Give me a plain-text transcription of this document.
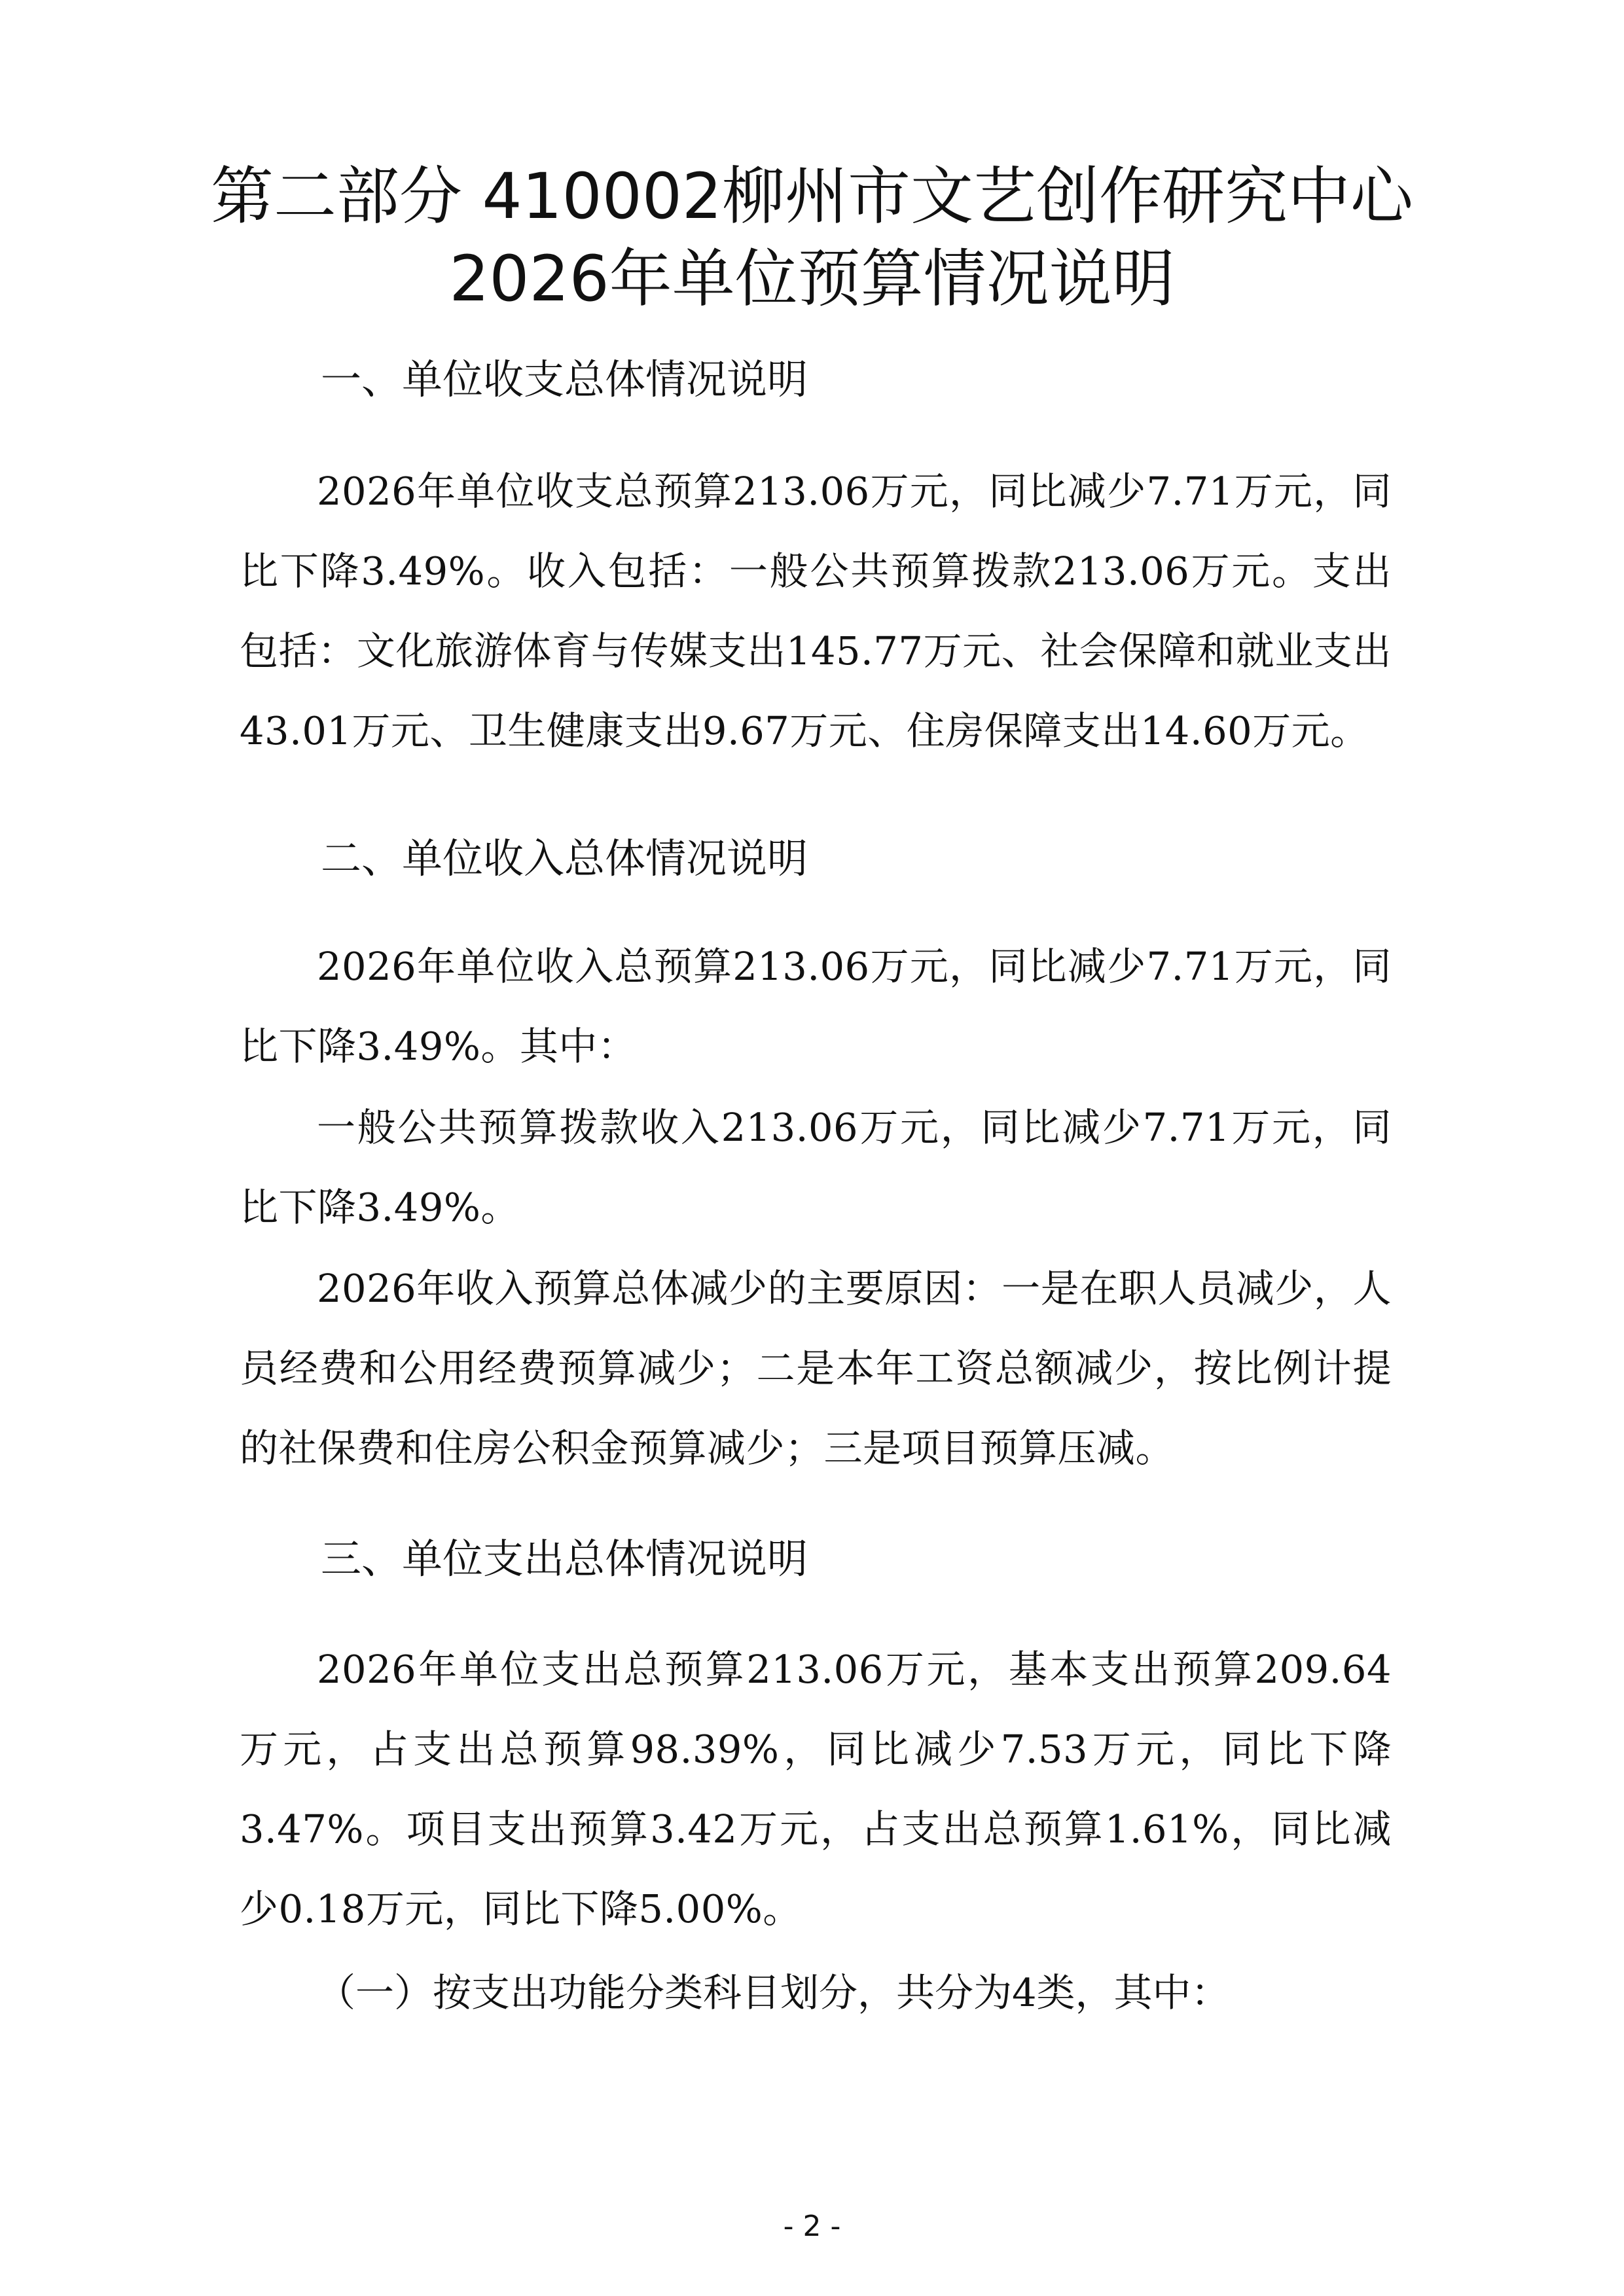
第二部分 410002柳州市文艺创作研究中心
2026年单位预算情况说明
一、单位收支总体情况说明

2026年单位收支总预算213.06万元，同比减少7.71万元，同比下降3.49%。收入包括：一般公共预算拨款213.06万元。支出包括：文化旅游体育与传媒支出145.77万元、社会保障和就业支出43.01万元、卫生健康支出9.67万元、住房保障支出14.60万元。

二、单位收入总体情况说明

2026年单位收入总预算213.06万元，同比减少7.71万元，同比下降3.49%。其中：

一般公共预算拨款收入213.06万元，同比减少7.71万元，同比下降3.49%。

2026年收入预算总体减少的主要原因：一是在职人员减少，人员经费和公用经费预算减少；二是本年工资总额减少，按比例计提的社保费和住房公积金预算减少；三是项目预算压减。

三、单位支出总体情况说明

2026年单位支出总预算213.06万元，基本支出预算209.64万元，占支出总预算98.39%，同比减少7.53万元，同比下降3.47%。项目支出预算3.42万元，占支出总预算1.61%，同比减少0.18万元，同比下降5.00%。

（一）按支出功能分类科目划分，共分为4类，其中：

- 2 -
